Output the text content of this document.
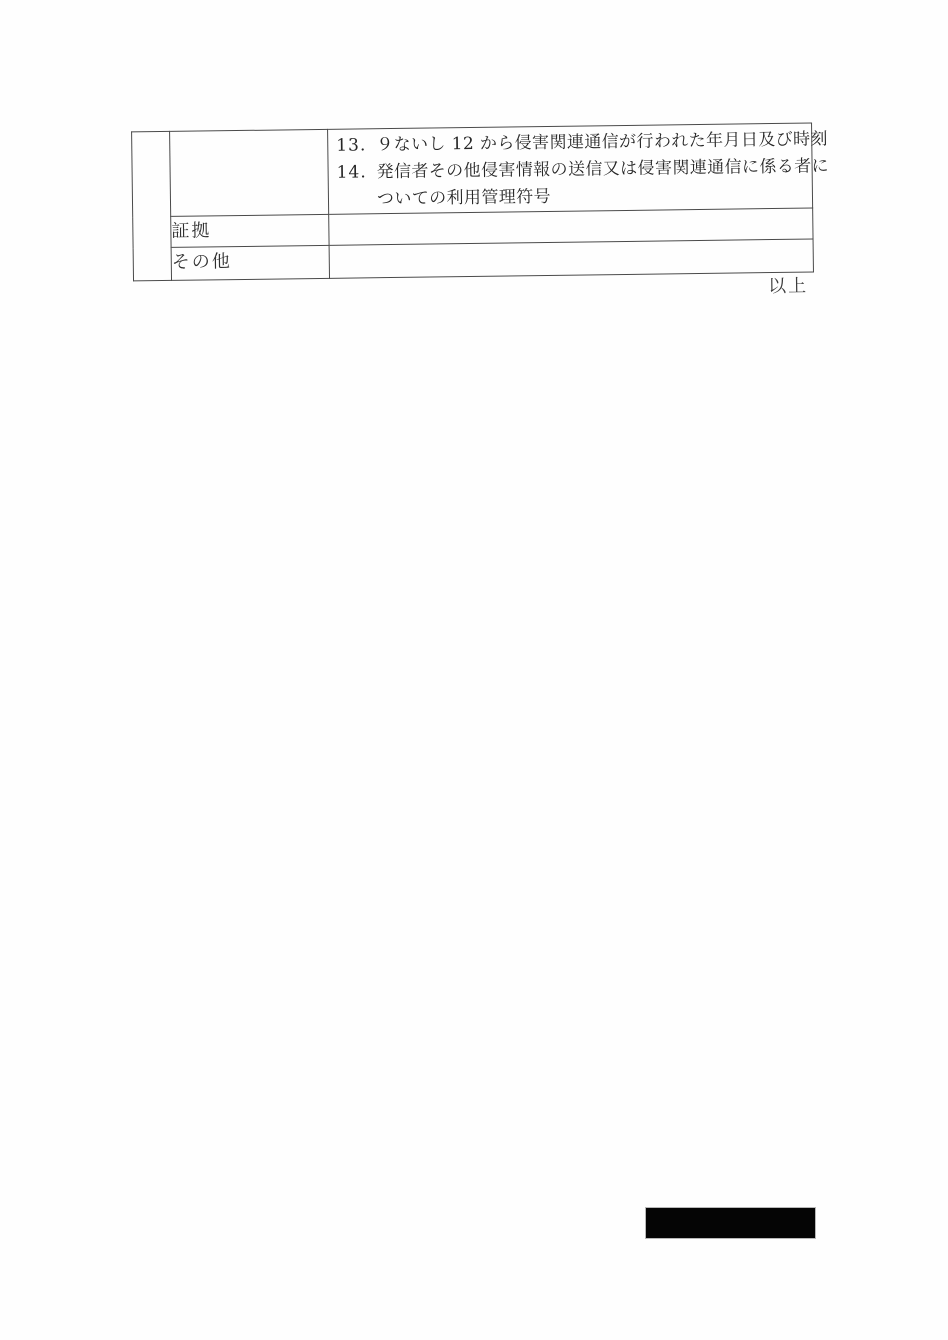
		13. ９ないし 12 から侵害関連通信が行われた年月日及び時刻
14. 発信者その他侵害情報の送信又は侵害関連通信に係る者に
ついての利用管理符号

	証拠	
	その他	
以上
